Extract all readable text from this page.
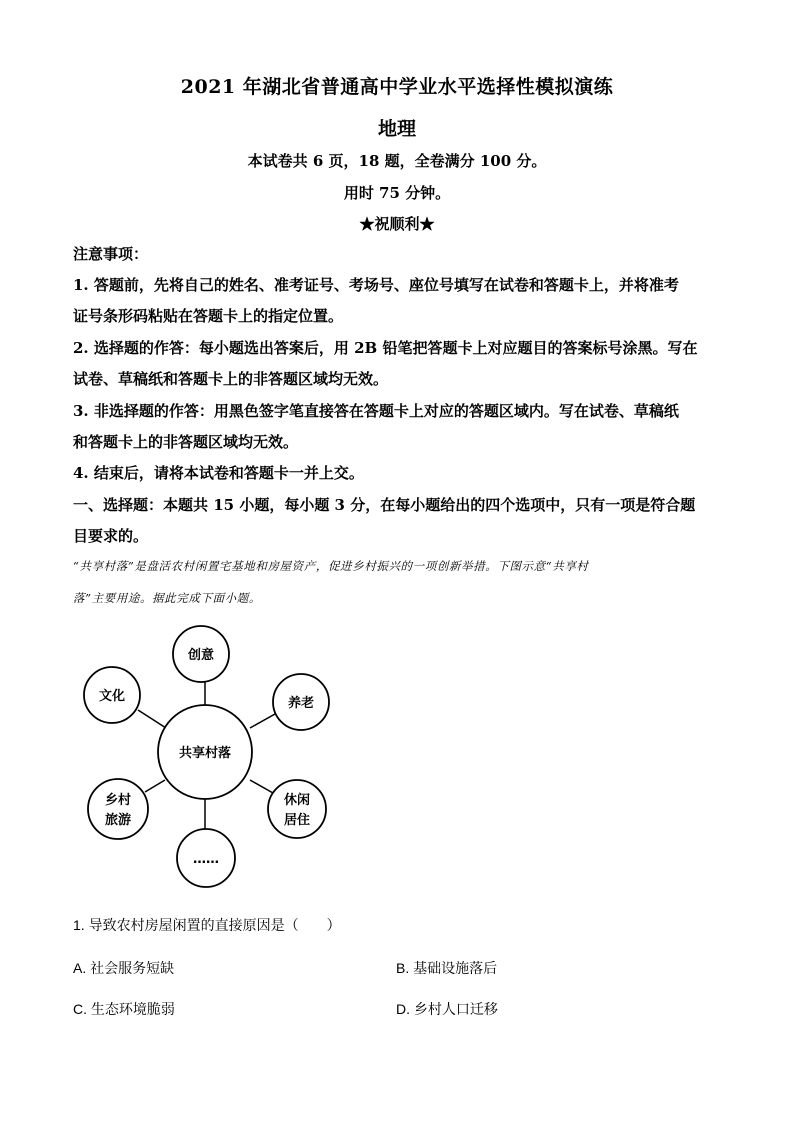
2021 年湖北省普通高中学业水平选择性模拟演练
地理
本试卷共 6 页，18 题，全卷满分 100 分。
用时 75 分钟。
★祝顺利★
注意事项：
1. 答题前，先将自己的姓名、准考证号、考场号、座位号填写在试卷和答题卡上，并将准考
证号条形码粘贴在答题卡上的指定位置。
2. 选择题的作答：每小题选出答案后，用 2B 铅笔把答题卡上对应题目的答案标号涂黑。写在
试卷、草稿纸和答题卡上的非答题区域均无效。
3. 非选择题的作答：用黑色签字笔直接答在答题卡上对应的答题区域内。写在试卷、草稿纸
和答题卡上的非答题区域均无效。
4. 结束后，请将本试卷和答题卡一并上交。
一、选择题：本题共 15 小题，每小题 3 分，在每小题给出的四个选项中，只有一项是符合题
目要求的。
“共享村落”是盘活农村闲置宅基地和房屋资产，促进乡村振兴的一项创新举措。下图示意“共享村
落”主要用途。据此完成下面小题。
共享村落
创意
文化	养老
乡村
旅游
休闲
居住
……
1. 导致农村房屋闲置的直接原因是（　　）
A. 社会服务短缺	B. 基础设施落后
C. 生态环境脆弱	D. 乡村人口迁移
